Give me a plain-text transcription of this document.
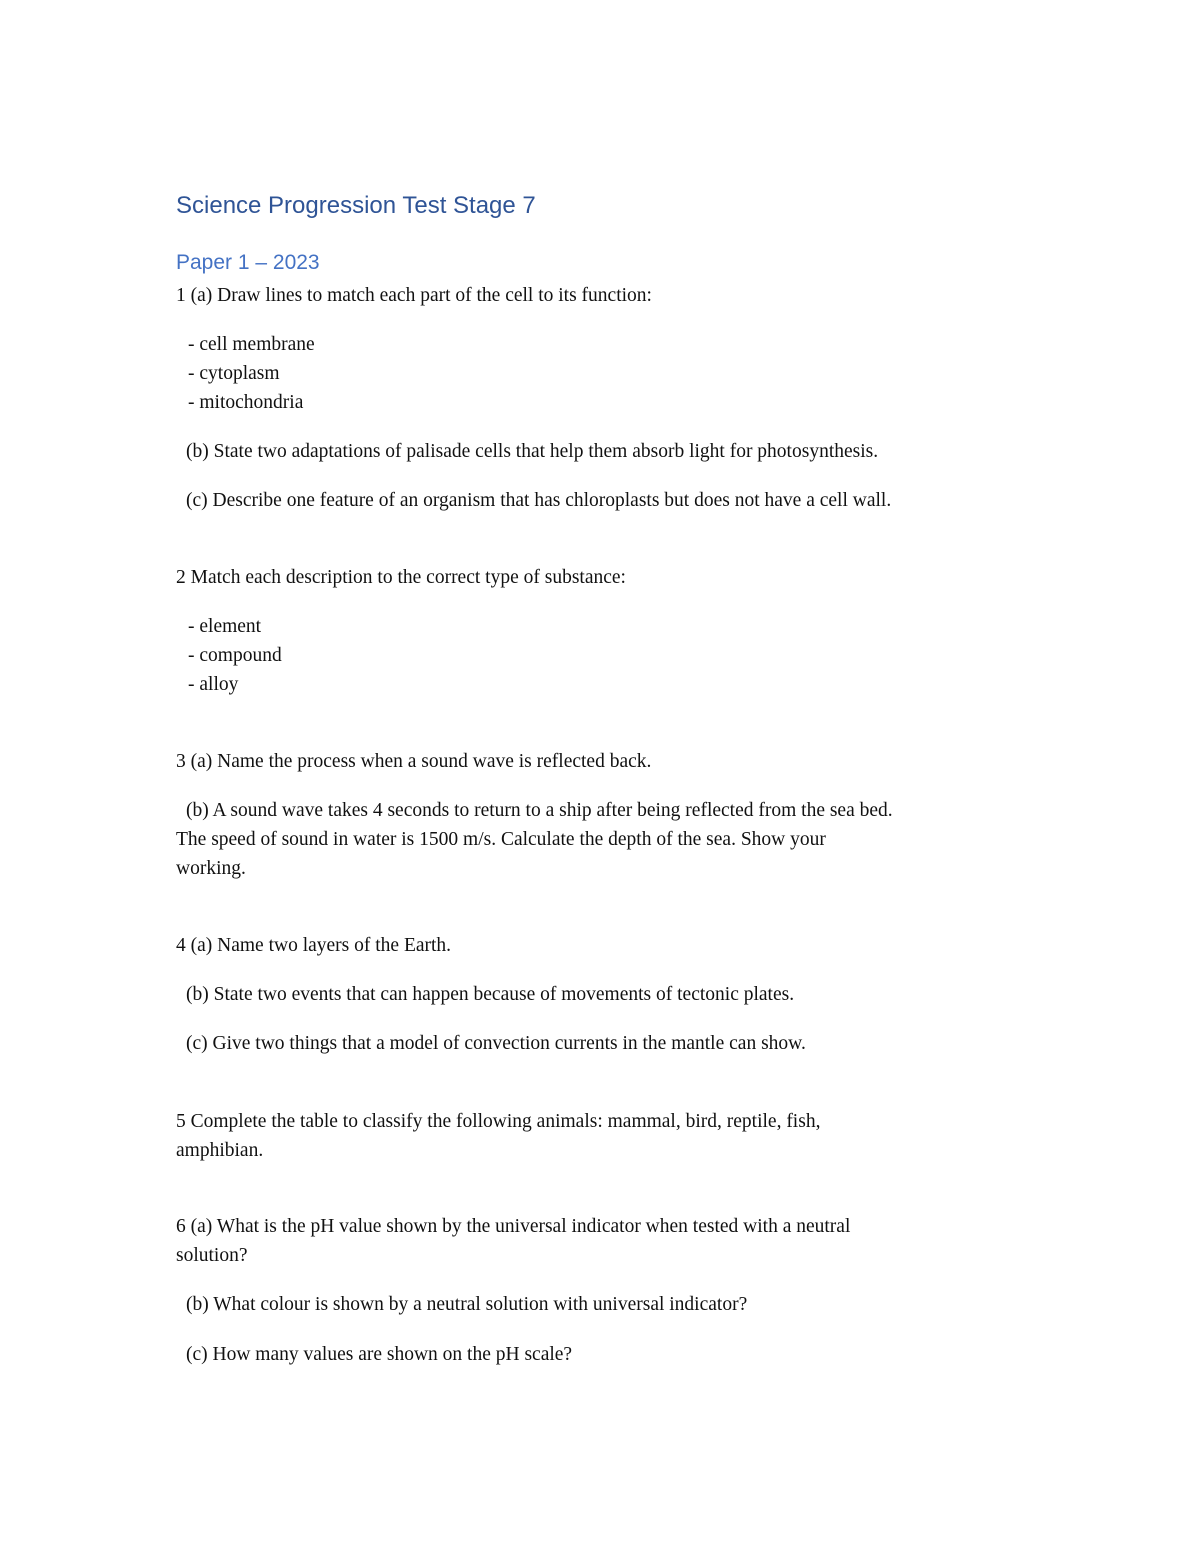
Science Progression Test Stage 7
Paper 1 – 2023

1 (a) Draw lines to match each part of the cell to its function:

- cell membrane

- cytoplasm

- mitochondria

(b) State two adaptations of palisade cells that help them absorb light for photosynthesis.

(c) Describe one feature of an organism that has chloroplasts but does not have a cell wall.

2 Match each description to the correct type of substance:

- element

- compound

- alloy

3 (a) Name the process when a sound wave is reflected back.

(b) A sound wave takes 4 seconds to return to a ship after being reflected from the sea bed.

The speed of sound in water is 1500 m/s. Calculate the depth of the sea. Show your

working.

4 (a) Name two layers of the Earth.

(b) State two events that can happen because of movements of tectonic plates.

(c) Give two things that a model of convection currents in the mantle can show.

5 Complete the table to classify the following animals: mammal, bird, reptile, fish,

amphibian.

6 (a) What is the pH value shown by the universal indicator when tested with a neutral

solution?

(b) What colour is shown by a neutral solution with universal indicator?

(c) How many values are shown on the pH scale?
